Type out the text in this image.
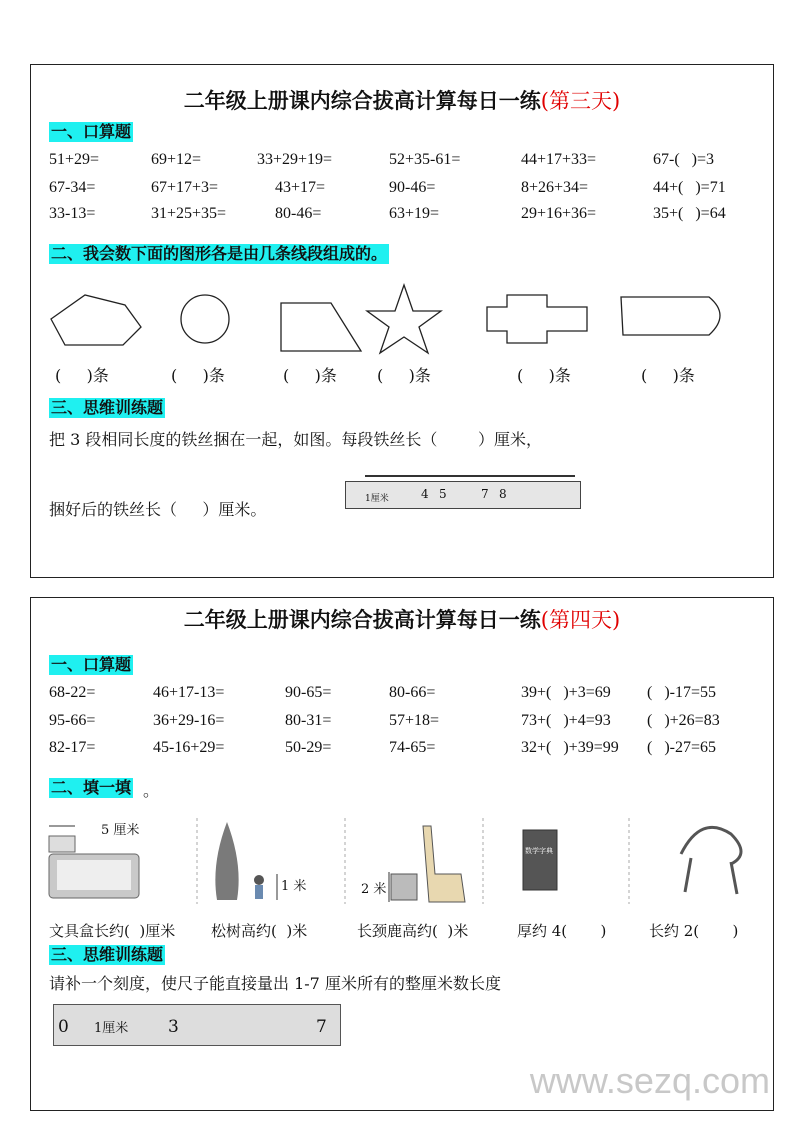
二年级上册课内综合拔高计算每日一练(第三天)
一、口算题
51+29=	69+12=	33+29+19=	52+35-61=	44+17+33=	67-(   )=3
67-34=	67+17+3=	43+17=	90-46=	8+26+34=	44+(   )=71
33-13=	31+25+35=	80-46=	63+19=	29+16+36=	35+(   )=64
二、我会数下面的图形各是由几条线段组成的。
(     )条	(     )条	(     )条	(     )条	(     )条	(     )条
三、思维训练题
把 3 段相同长度的铁丝捆在一起，如图。每段铁丝长（        ）厘米，
捆好后的铁丝长（     ）厘米。
1厘米	4 5	7 8
二年级上册课内综合拔高计算每日一练(第四天)
一、口算题
68-22=	46+17-13=	90-65=	80-66=	39+(   )+3=69 (   )-17=55
95-66=	36+29-16=	80-31=	57+18=	73+(   )+4=93 (   )+26=83
82-17=	45-16+29=	50-29=	74-65=	32+(   )+39=99 (   )-27=65
二、填一填 。
5 厘米
1 米	2 米
数学字典
文具盒长约(  )厘米 松树高约(  )米	长颈鹿高约(  )米	厚约 4(       )	长约 2(       )
三、思维训练题
请补一个刻度，使尺子能直接量出 1-7 厘米所有的整厘米数长度
0 1厘米 3	7
www.sezq.com
